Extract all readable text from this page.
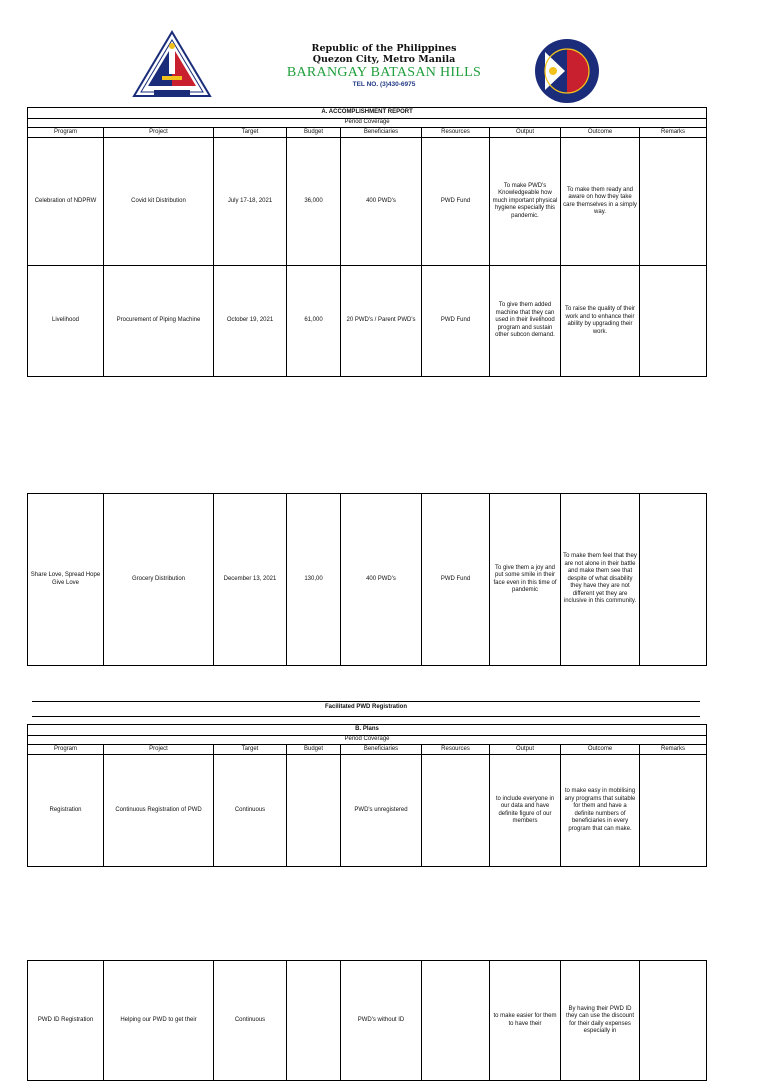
Republic of the Philippines
Quezon City, Metro Manila
BARANGAY BATASAN HILLS
TEL NO. (3)430-6975
A. ACCOMPLISHMENT REPORT								
Period Coverage								
Program	Project	Target	Budget	Beneficiaries	Resources	Output	Outcome	Remarks
Celebration of NDPRW	Covid kit Distribution	July 17-18, 2021	36,000	400 PWD's	PWD Fund	To make PWD's Knowledgeable how much important physical hygiene especially this pandemic.	To make them ready and aware on how they take care themselves in a simply way.	
Livelihood	Procurement of Piping Machine	October 19, 2021	61,000	20 PWD's / Parent PWD's	PWD Fund	To give them added machine that they can used in their livelihood program and sustain other subcon demand.	To raise the quality of their work and to enhance their ability by upgrading their work.	
Share Love, Spread Hope Give Love	Grocery Distribution	December 13, 2021	130,00	400 PWD's	PWD Fund	To give them a joy and put some smile in their face even in this time of pandemic	To make them feel that they are not alone in their battle and make them see that despite of what disability they have they are not different yet they are inclusive in this community.	
Facilitated PWD Registration
B. Plans								
Period Coverage								
Program	Project	Target	Budget	Beneficiaries	Resources	Output	Outcome	Remarks
Registration	Continuous Registration of PWD	Continuous		PWD's unregistered		to include everyone in our data and have definite figure of our members	to make easy in mobilising any programs that suitable for them and have a definite numbers of beneficiaries in every program that can make.	
PWD ID Registration	Helping our PWD to get their	Continuous		PWD's without ID		to make easier for them to have their	By having their PWD ID they can use the discount for their daily expenses especially in	
